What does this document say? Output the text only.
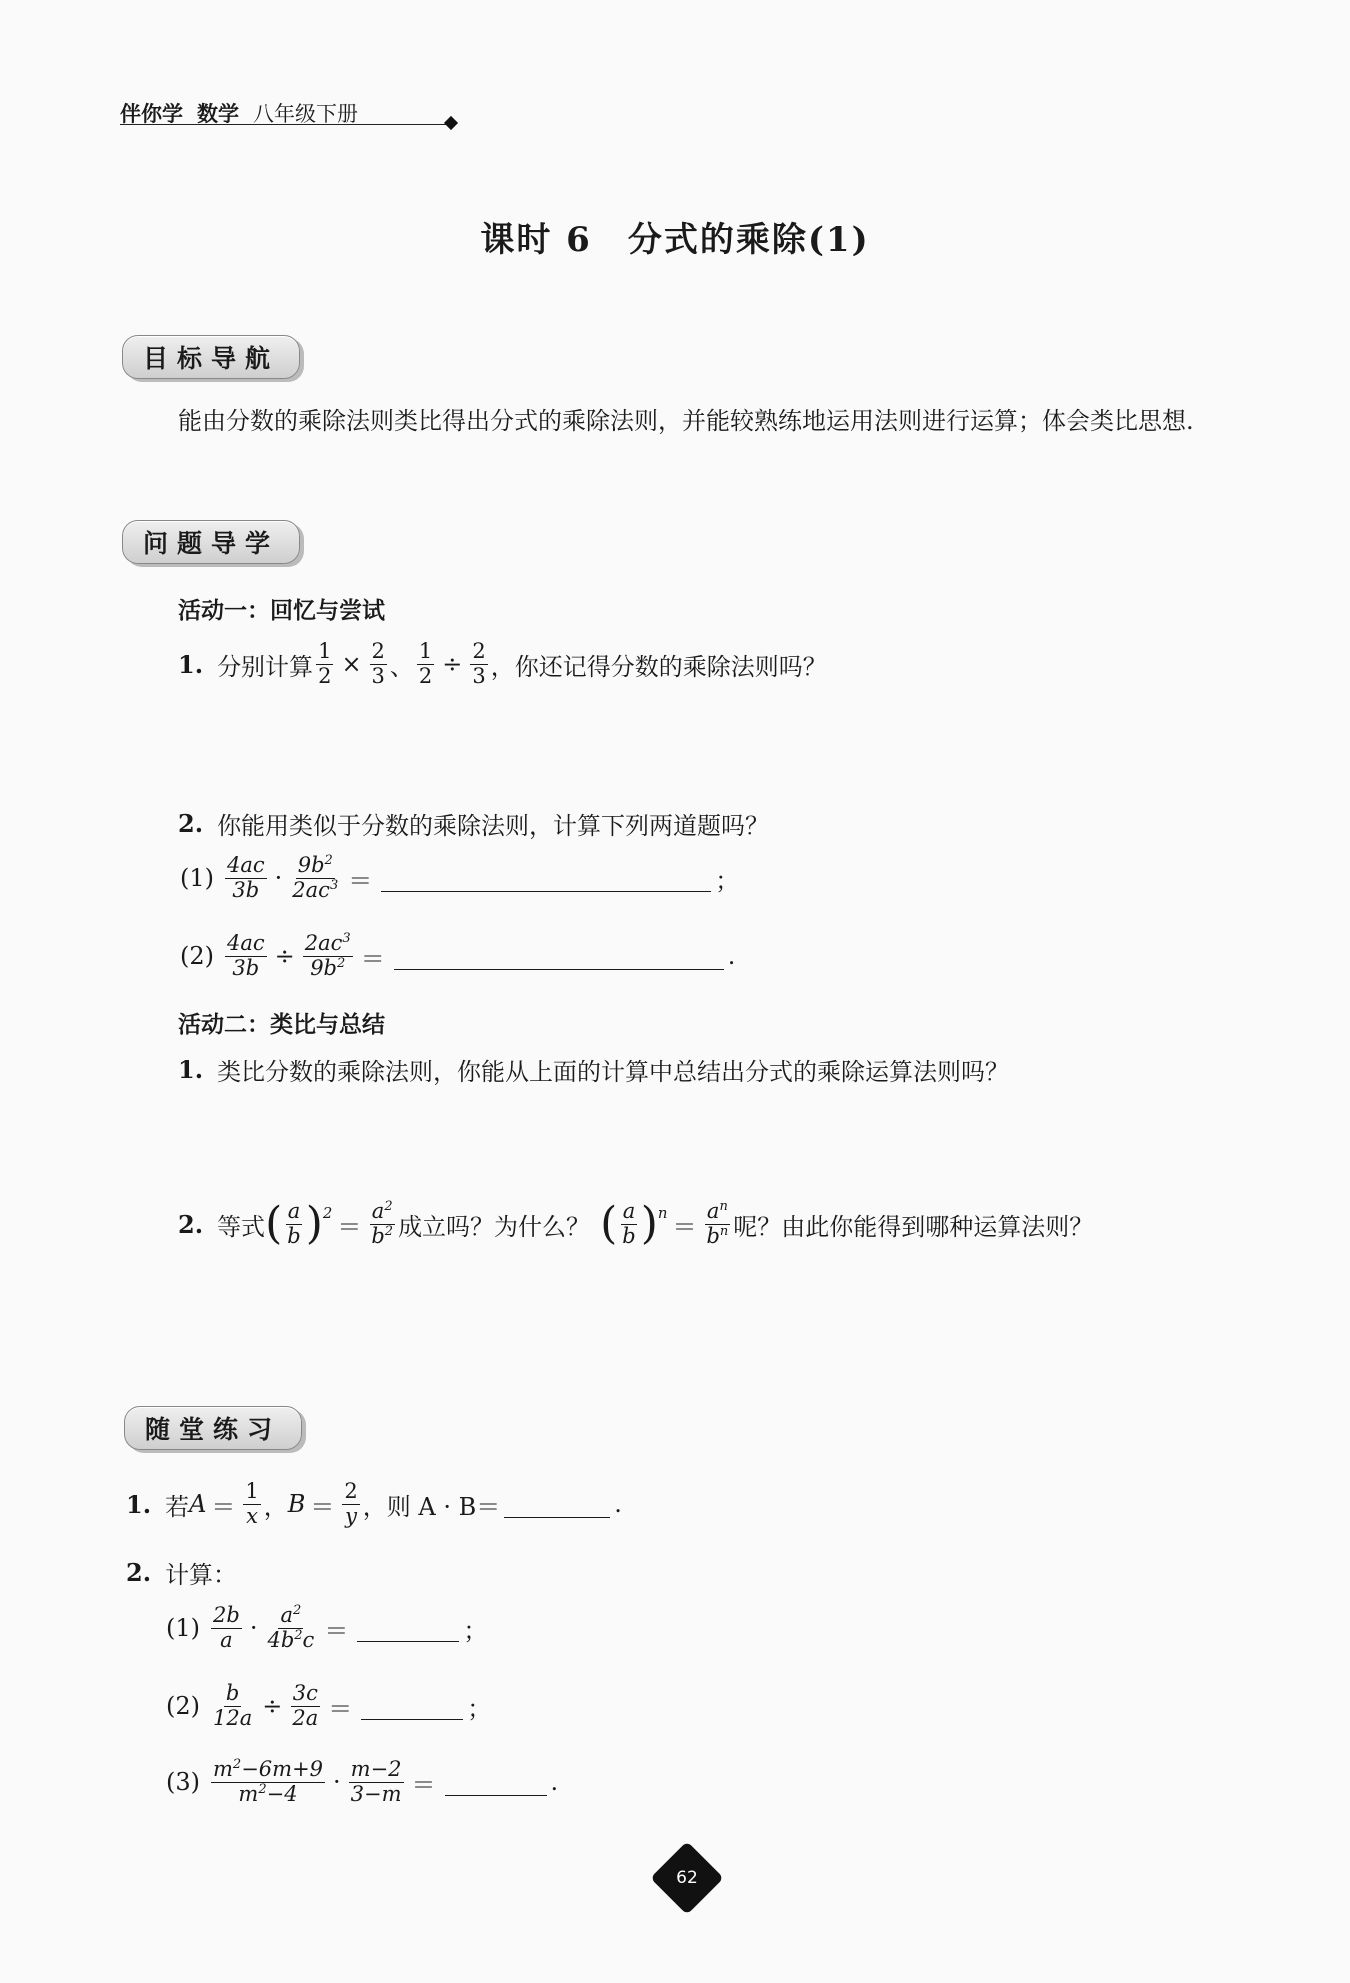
伴你学 数学 八年级下册
课时 6　分式的乘除(1)
目标导航
能由分数的乘除法则类比得出分式的乘除法则，并能较熟练地运用法则进行运算；体会类比思想.
问题导学
活动一：回忆与尝试
1. 分别计算 $\frac{1}{2} \times \frac{2}{3}$ 、 $\frac{1}{2} \div \frac{2}{3}$ ，你还记得分数的乘除法则吗？
2. 你能用类似于分数的乘除法则，计算下列两道题吗？
$(1) \frac{4ac}{3b} \cdot \frac{9b^2}{2ac^3}$ ＝	；
$(2) \frac{4ac}{3b} \div \frac{2ac^3}{9b^2}$ ＝	.
活动二：类比与总结
1. 类比分数的乘除法则，你能从上面的计算中总结出分式的乘除运算法则吗？
2. 等式 ( $\frac{a}{b}$ ) $2 = \frac{a^2}{b^2}$ 成立吗？为什么？ ( $\frac{a}{b}$ ) $n = \frac{a^n}{b^n}$ 呢？由此你能得到哪种运算法则？
随堂练习
1. 若 $A = \frac{1}{x}$ ， $B = \frac{2}{y}$ ，则 A · B＝	.
2. 计算：
$(1) \frac{2b}{a} \cdot \frac{a^2}{4b^2c}$ ＝	；
$(2) \frac{b}{12a} \div \frac{3c}{2a}$ ＝	；
$(3) \frac{m^2-6m+9}{m^2-4} \cdot \frac{m-2}{3-m}$ ＝	.
62
